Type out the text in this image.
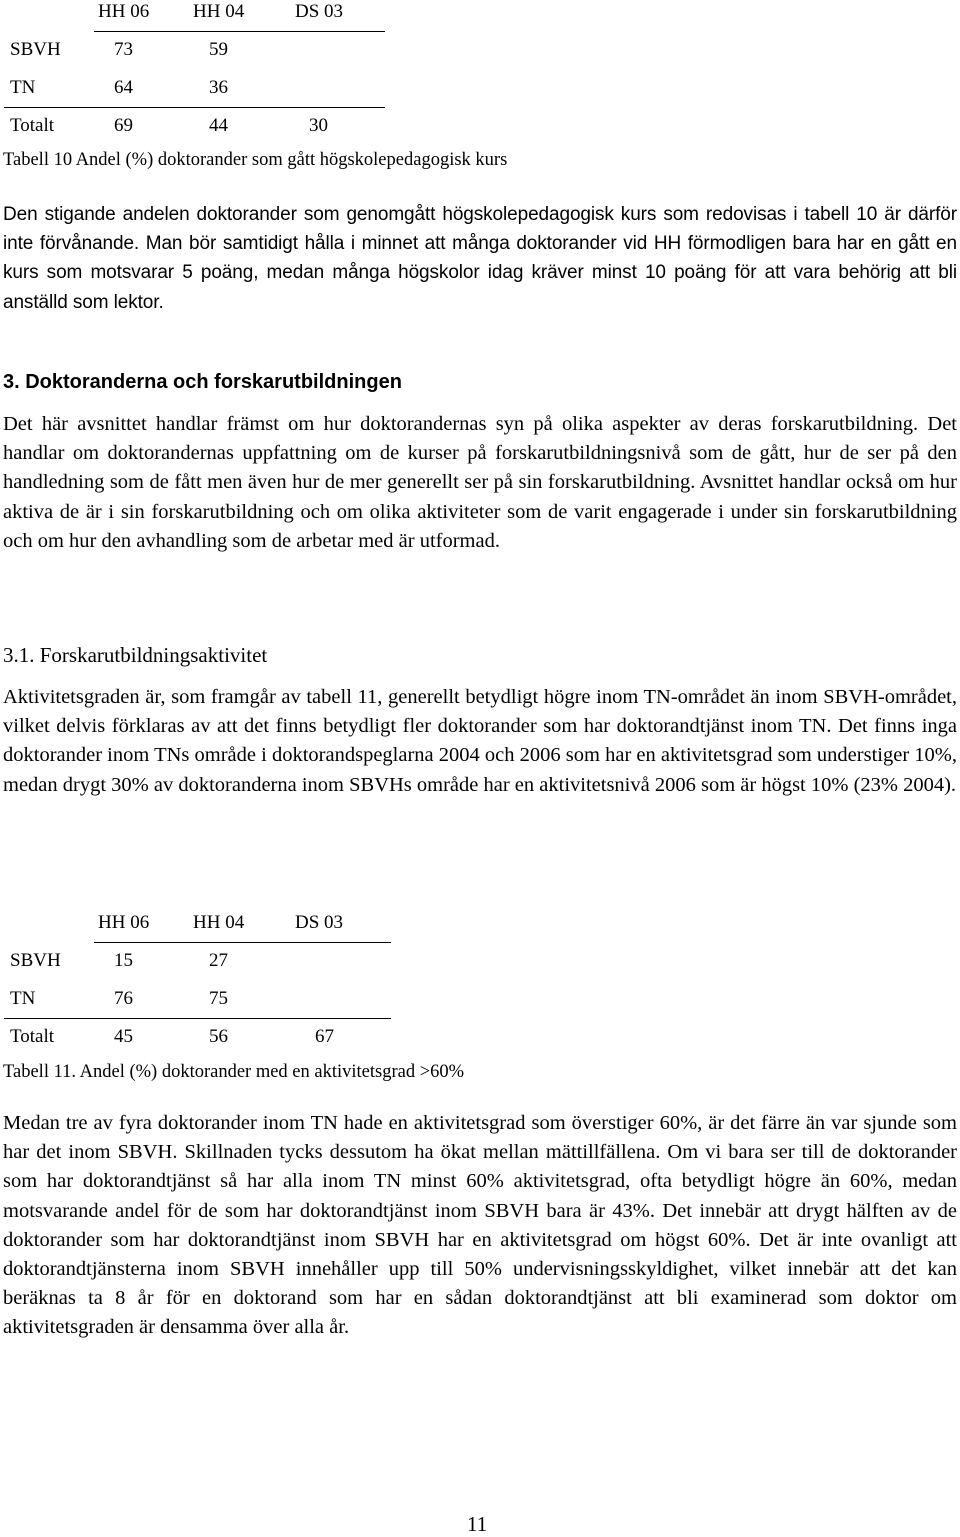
	HH 06	HH 04	DS 03
SBVH	73	59	
TN	64	36	
Totalt	69	44	30
Tabell 10 Andel (%) doktorander som gått högskolepedagogisk kurs

Den stigande andelen doktorander som genomgått högskolepedagogisk kurs som redovisas i tabell 10 är därför inte förvånande. Man bör samtidigt hålla i minnet att många doktorander vid HH förmodligen bara har en gått en kurs som motsvarar 5 poäng, medan många högskolor idag kräver minst 10 poäng för att vara behörig att bli anställd som lektor.

3. Doktoranderna och forskarutbildningen

Det här avsnittet handlar främst om hur doktorandernas syn på olika aspekter av deras forskarutbildning. Det handlar om doktorandernas uppfattning om de kurser på forskarutbildningsnivå som de gått, hur de ser på den handledning som de fått men även hur de mer generellt ser på sin forskarutbildning. Avsnittet handlar också om hur aktiva de är i sin forskarutbildning och om olika aktiviteter som de varit engagerade i under sin forskarutbildning och om hur den avhandling som de arbetar med är utformad.

3.1. Forskarutbildningsaktivitet

Aktivitetsgraden är, som framgår av tabell 11, generellt betydligt högre inom TN-området än inom SBVH-området, vilket delvis förklaras av att det finns betydligt fler doktorander som har doktorandtjänst inom TN. Det finns inga doktorander inom TNs område i doktorandspeglarna 2004 och 2006 som har en aktivitetsgrad som understiger 10%, medan drygt 30% av doktoranderna inom SBVHs område har en aktivitetsnivå 2006 som är högst 10% (23% 2004).

	HH 06	HH 04	DS 03
SBVH	15	27	
TN	76	75	
Totalt	45	56	67
Tabell 11. Andel (%) doktorander med en aktivitetsgrad >60%

Medan tre av fyra doktorander inom TN hade en aktivitetsgrad som överstiger 60%, är det färre än var sjunde som har det inom SBVH. Skillnaden tycks dessutom ha ökat mellan mättillfällena. Om vi bara ser till de doktorander som har doktorandtjänst så har alla inom TN minst 60% aktivitetsgrad, ofta betydligt högre än 60%, medan motsvarande andel för de som har doktorandtjänst inom SBVH bara är 43%. Det innebär att drygt hälften av de doktorander som har doktorandtjänst inom SBVH har en aktivitetsgrad om högst 60%. Det är inte ovanligt att doktorandtjänsterna inom SBVH innehåller upp till 50% undervisningsskyldighet, vilket innebär att det kan beräknas ta 8 år för en doktorand som har en sådan doktorandtjänst att bli examinerad som doktor om aktivitetsgraden är densamma över alla år.

11
